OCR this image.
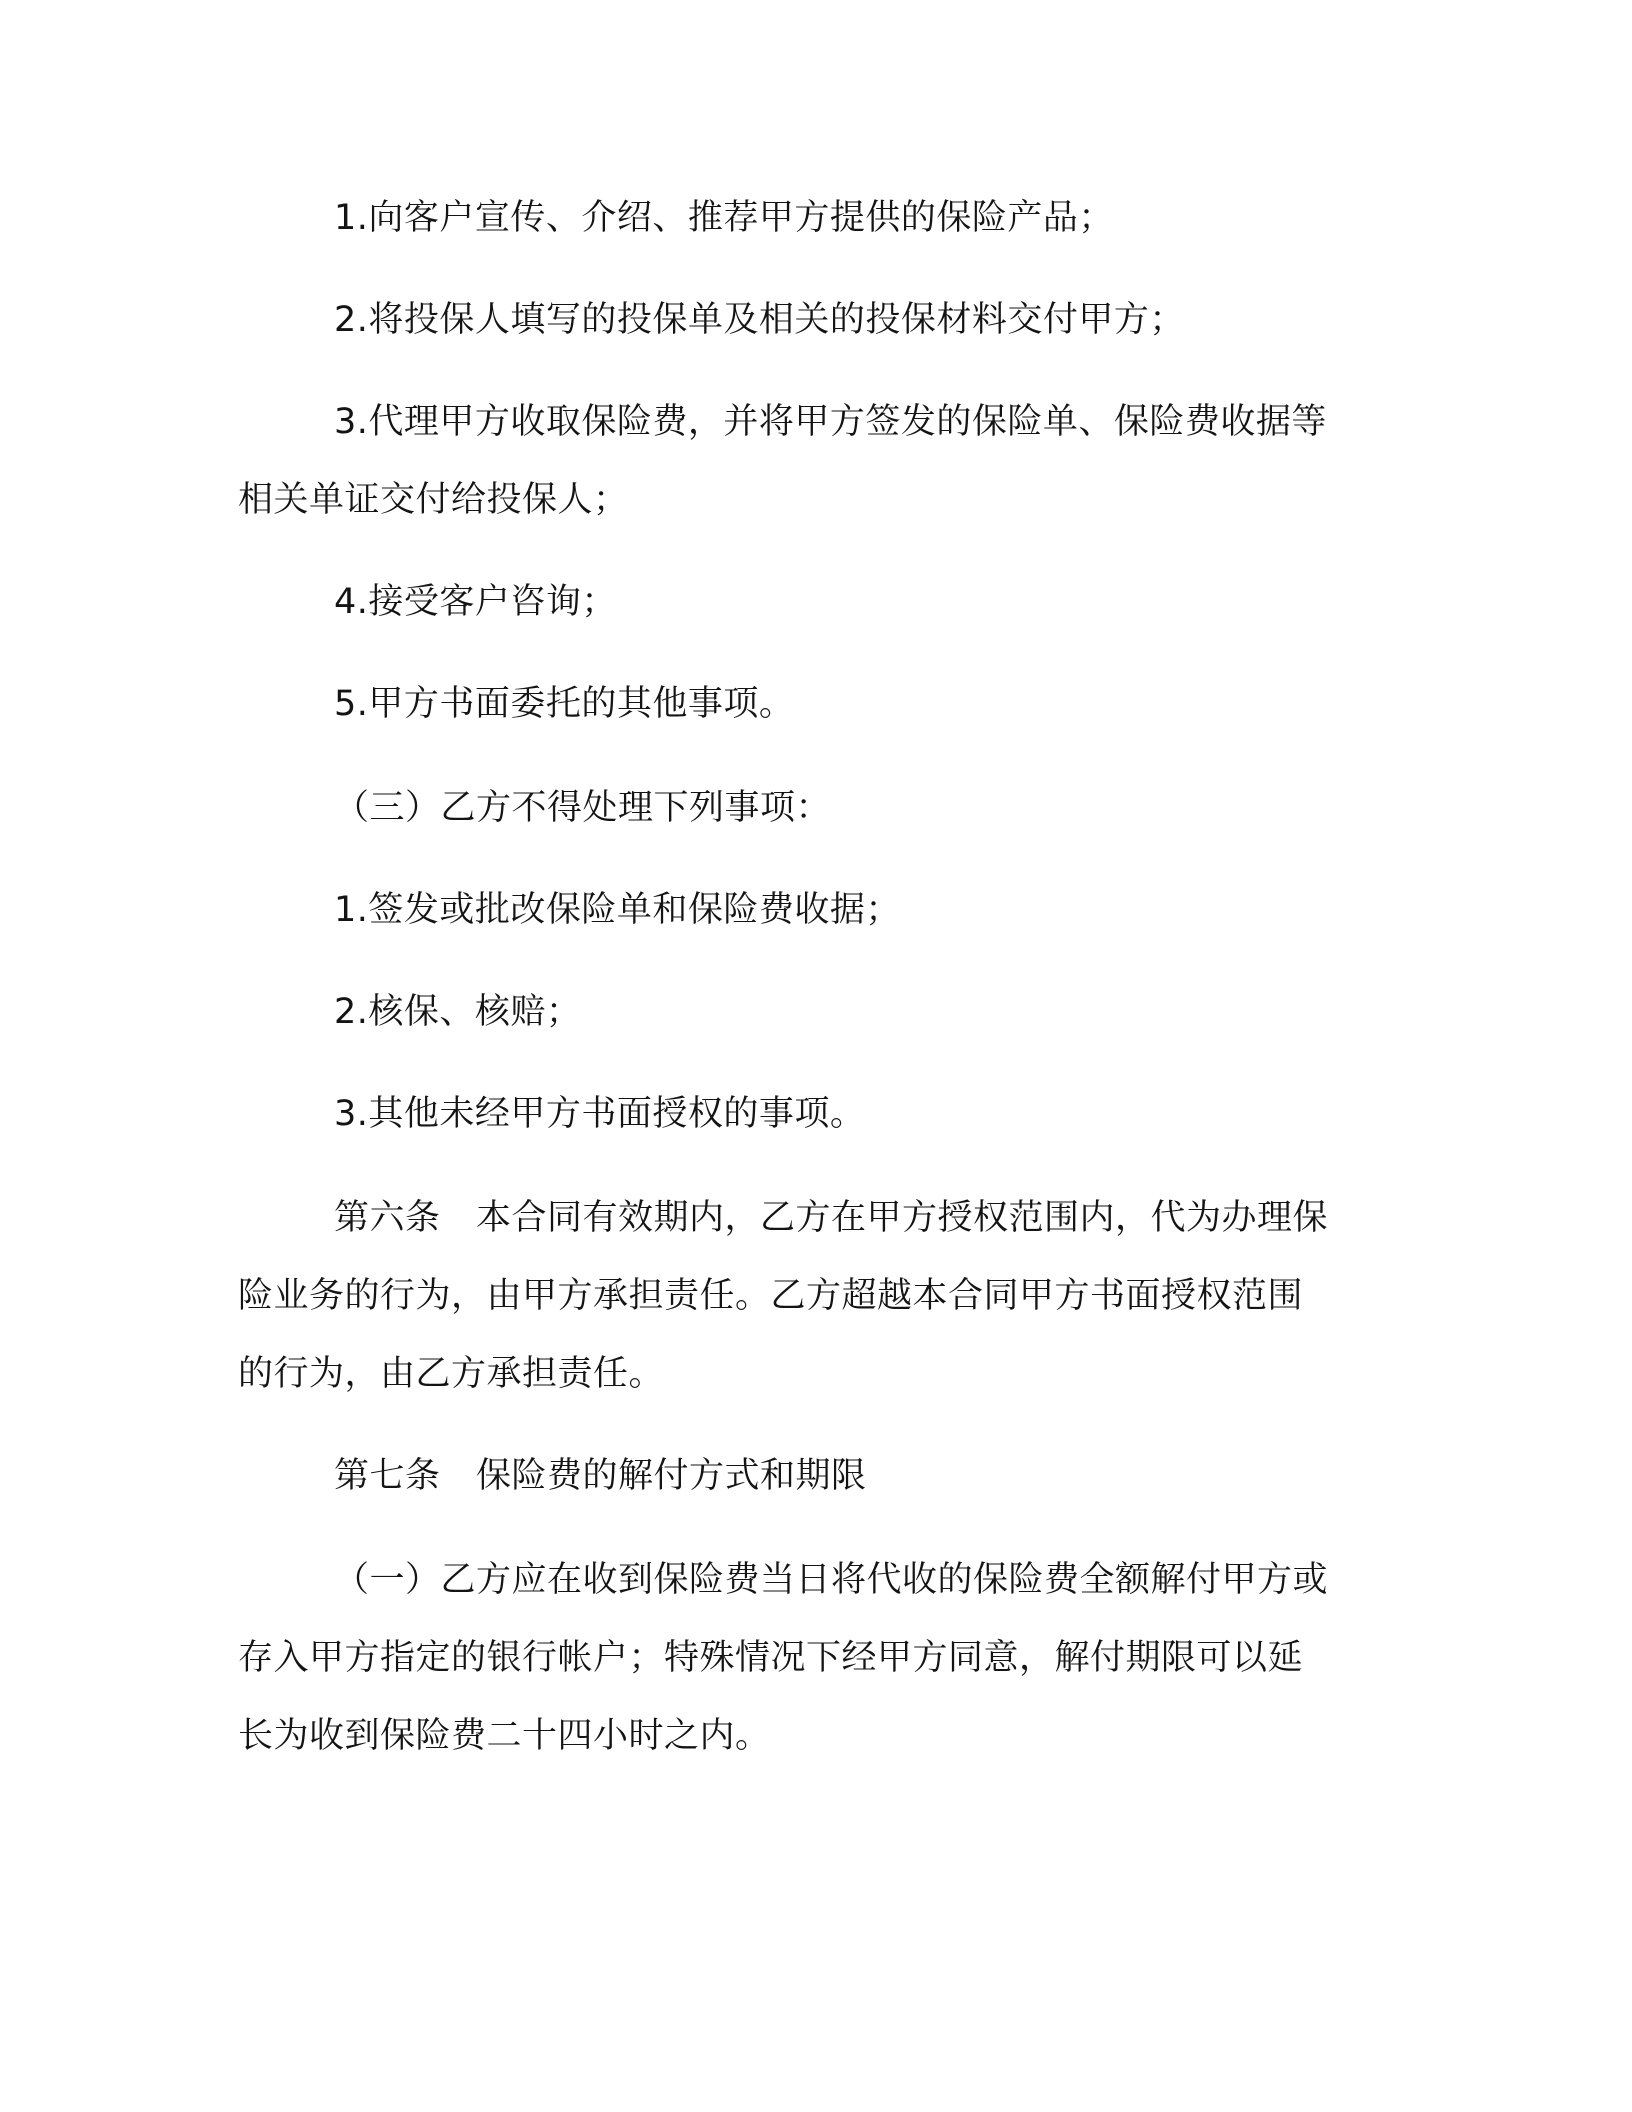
1.向客户宣传、介绍、推荐甲方提供的保险产品；
2.将投保人填写的投保单及相关的投保材料交付甲方；
3.代理甲方收取保险费，并将甲方签发的保险单、保险费收据等
相关单证交付给投保人；
4.接受客户咨询；
5.甲方书面委托的其他事项。
（三）乙方不得处理下列事项：
1.签发或批改保险单和保险费收据；
2.核保、核赔；
3.其他未经甲方书面授权的事项。
第六条　本合同有效期内，乙方在甲方授权范围内，代为办理保
险业务的行为，由甲方承担责任。乙方超越本合同甲方书面授权范围
的行为，由乙方承担责任。
第七条　保险费的解付方式和期限
（一）乙方应在收到保险费当日将代收的保险费全额解付甲方或
存入甲方指定的银行帐户；特殊情况下经甲方同意，解付期限可以延
长为收到保险费二十四小时之内。
